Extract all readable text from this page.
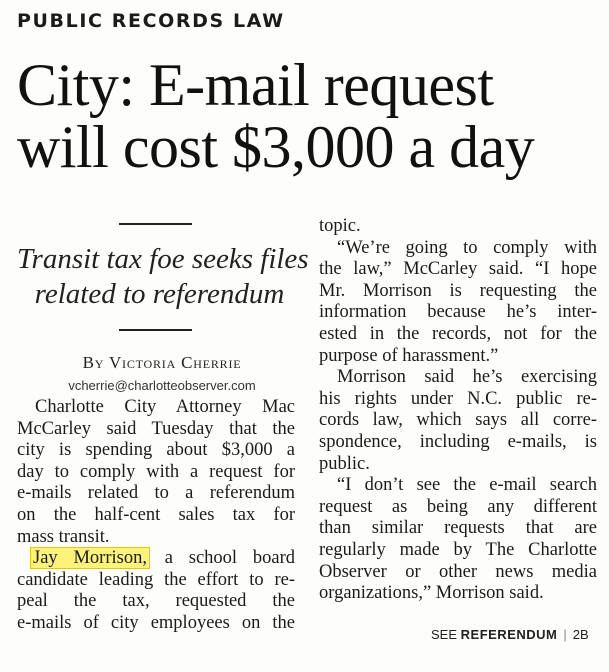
PUBLIC RECORDS LAW
City: E-mail request
will cost $3,000 a day
Transit tax foe seeks files
related to referendum
By Victoria Cherrie
vcherrie@charlotteobserver.com
Charlotte City Attorney Mac
McCarley said Tuesday that the
city is spending about $3,000 a
day to comply with a request for
e-mails related to a referendum
on the half-cent sales tax for
mass transit.
Jay Morrison, a school board
candidate leading the effort to re-
peal the tax, requested the
e-mails of city employees on the
topic.
“We’re going to comply with
the law,” McCarley said. “I hope
Mr. Morrison is requesting the
information because he’s inter-
ested in the records, not for the
purpose of harassment.”
Morrison said he’s exercising
his rights under N.C. public re-
cords law, which says all corre-
spondence, including e-mails, is
public.
“I don’t see the e-mail search
request as being any different
than similar requests that are
regularly made by The Charlotte
Observer or other news media
organizations,” Morrison said.
SEE REFERENDUM | 2B
